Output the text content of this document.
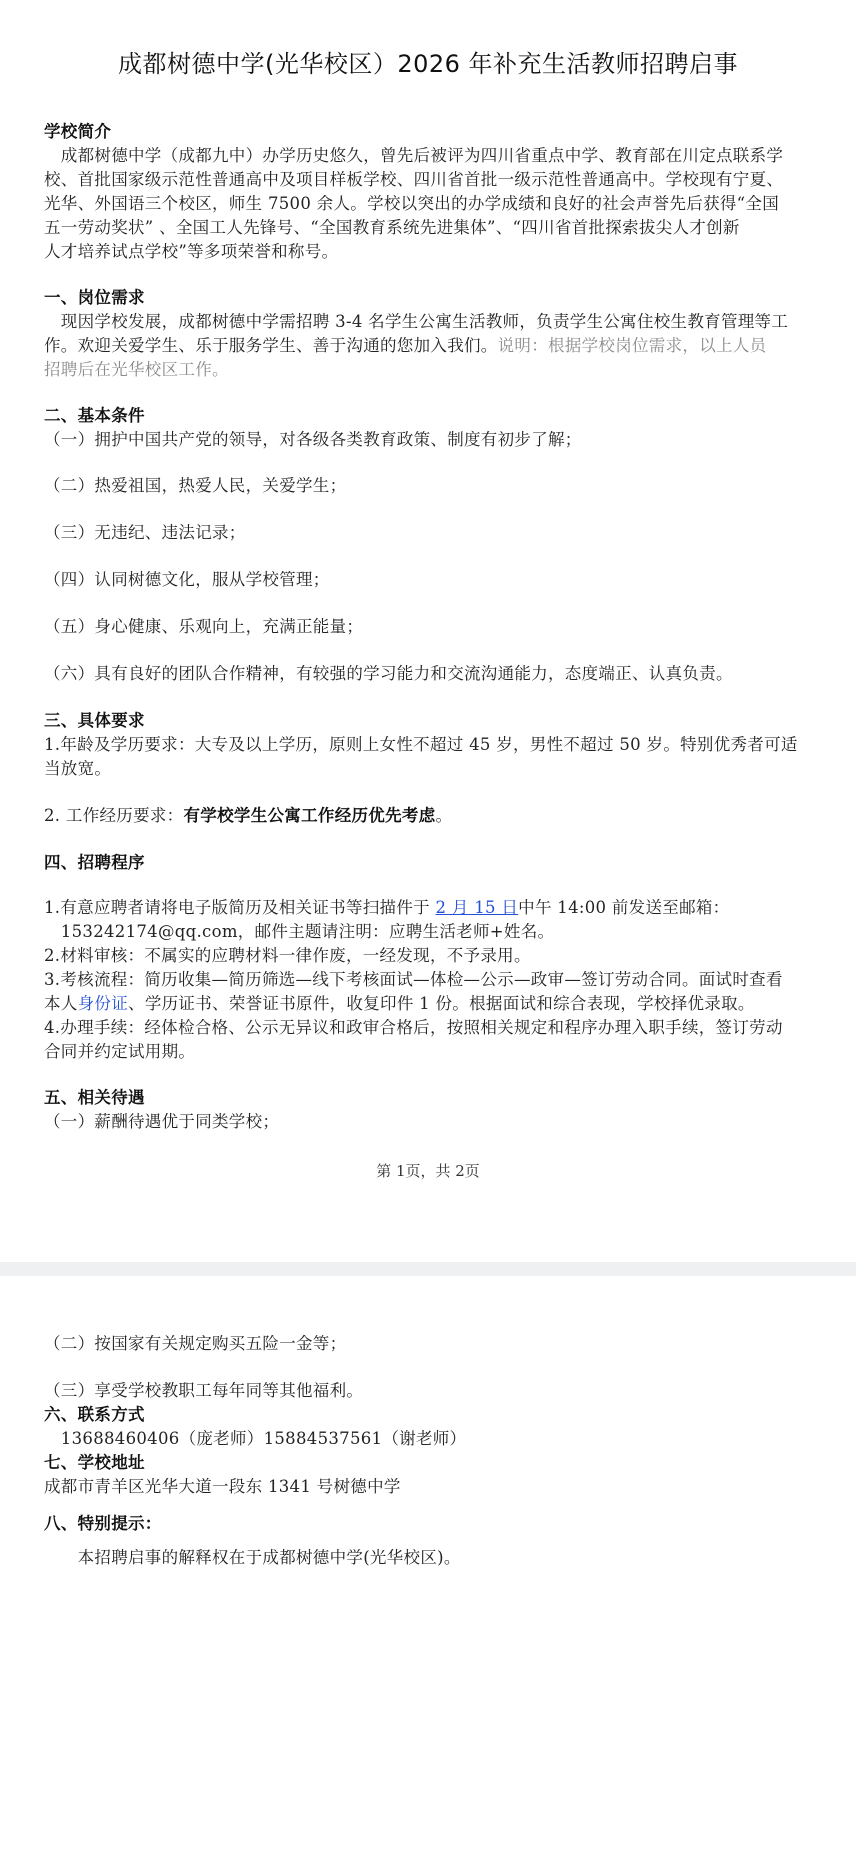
成都树德中学(光华校区）2026 年补充生活教师招聘启事
学校简介
　成都树德中学（成都九中）办学历史悠久，曾先后被评为四川省重点中学、教育部在川定点联系学
校、首批国家级示范性普通高中及项目样板学校、四川省首批一级示范性普通高中。学校现有宁夏、
光华、外国语三个校区，师生 7500 余人。学校以突出的办学成绩和良好的社会声誉先后获得“全国
五一劳动奖状” 、全国工人先锋号、“全国教育系统先进集体”、“四川省首批探索拔尖人才创新
人才培养试点学校”等多项荣誉和称号。
一、岗位需求
　现因学校发展，成都树德中学需招聘 3-4 名学生公寓生活教师，负责学生公寓住校生教育管理等工
作。欢迎关爱学生、乐于服务学生、善于沟通的您加入我们。说明：根据学校岗位需求，以上人员
招聘后在光华校区工作。
二、基本条件
（一）拥护中国共产党的领导，对各级各类教育政策、制度有初步了解；
（二）热爱祖国，热爱人民，关爱学生；
（三）无违纪、违法记录；
（四）认同树德文化，服从学校管理；
（五）身心健康、乐观向上，充满正能量；
（六）具有良好的团队合作精神，有较强的学习能力和交流沟通能力，态度端正、认真负责。
三、具体要求
1.年龄及学历要求：大专及以上学历，原则上女性不超过 45 岁，男性不超过 50 岁。特别优秀者可适
当放宽。
2. 工作经历要求：有学校学生公寓工作经历优先考虑。
四、招聘程序
1.有意应聘者请将电子版简历及相关证书等扫描件于 2 月 15 日中午 14:00 前发送至邮箱：
　153242174@qq.com，邮件主题请注明：应聘生活老师+姓名。
2.材料审核：不属实的应聘材料一律作废，一经发现，不予录用。
3.考核流程：简历收集—简历筛选—线下考核面试—体检—公示—政审—签订劳动合同。面试时查看
本人身份证、学历证书、荣誉证书原件，收复印件 1 份。根据面试和综合表现，学校择优录取。
4.办理手续：经体检合格、公示无异议和政审合格后，按照相关规定和程序办理入职手续，签订劳动
合同并约定试用期。
五、相关待遇
（一）薪酬待遇优于同类学校；
第 1页，共 2页
（二）按国家有关规定购买五险一金等；
（三）享受学校教职工每年同等其他福利。
六、联系方式
　13688460406（庞老师）15884537561（谢老师）
七、学校地址
成都市青羊区光华大道一段东 1341 号树德中学
八、特别提示：
　　本招聘启事的解释权在于成都树德中学(光华校区)。
